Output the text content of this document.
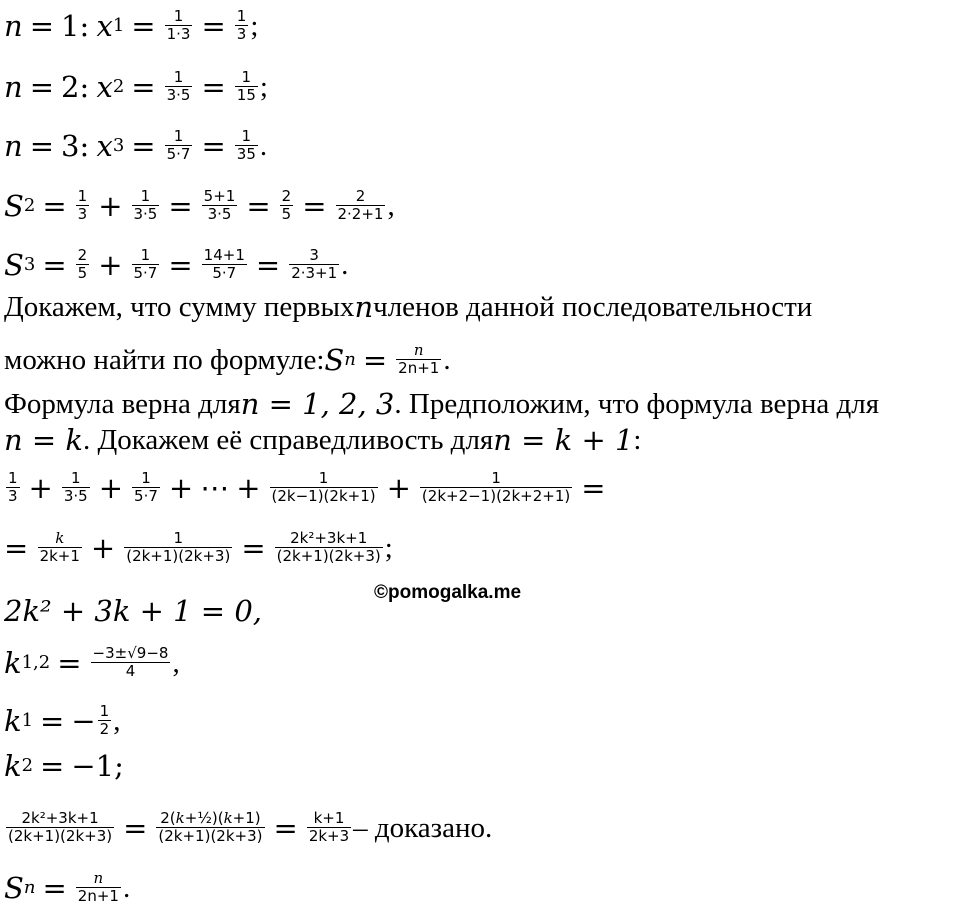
n = 1:
x $1 = \frac{1}{1\cdot 3} = \frac{1}{3}$ ;
n = 2:
x $2 = \frac{1}{3\cdot 5} = \frac{1}{15}$ ;
n = 3:
x $3 = \frac{1}{5\cdot 7} = \frac{1}{35}$ .
S $2 = \frac{1}{3} + \frac{1}{3\cdot 5} = \frac{5+1}{3\cdot 5} = \frac{2}{5} = \frac{2}{2\cdot 2+1}$ ,
S $3 = \frac{2}{5} + \frac{1}{5\cdot 7} = \frac{14+1}{5\cdot 7} = \frac{3}{2\cdot 3+1}$ .
Докажем, что сумму первых n членов данной последовательности
можно найти по формуле: S $n = \frac{n}{2n+1}$ .
Формула верна для n = 1, 2, 3 . Предположим, что формула верна для
n = k . Докажем её справедливость для n = k + 1 :
$\frac{1}{3} + \frac{1}{3\cdot 5} + \frac{1}{5\cdot 7}$ + ⋯ + $\frac{1}{(2k-1)(2k+1)} + \frac{1}{(2k+2-1)(2k+2+1)}$ =
=
$\frac{k}{2k+1} + \frac{1}{(2k+1)(2k+3)} = \frac{\text{2k²+3k+1}}{(2k+1)(2k+3)}$ ;
©pomogalka.me
2k² + 3k + 1 = 0,
k $1,2 = \frac{-3\pm√9-8}{4}$ ,
k 1 = − $\frac{1}{2}$ ,
k 2 = −1;
$\frac{\text{2k²+3k+1}}{(2k+1)(2k+3)} = \frac{\text{2(k+½)(k+1)}}{(2k+1)(2k+3)} = \frac{k+1}{2k+3}$ – доказано.
S $n = \frac{n}{2n+1}$ .
